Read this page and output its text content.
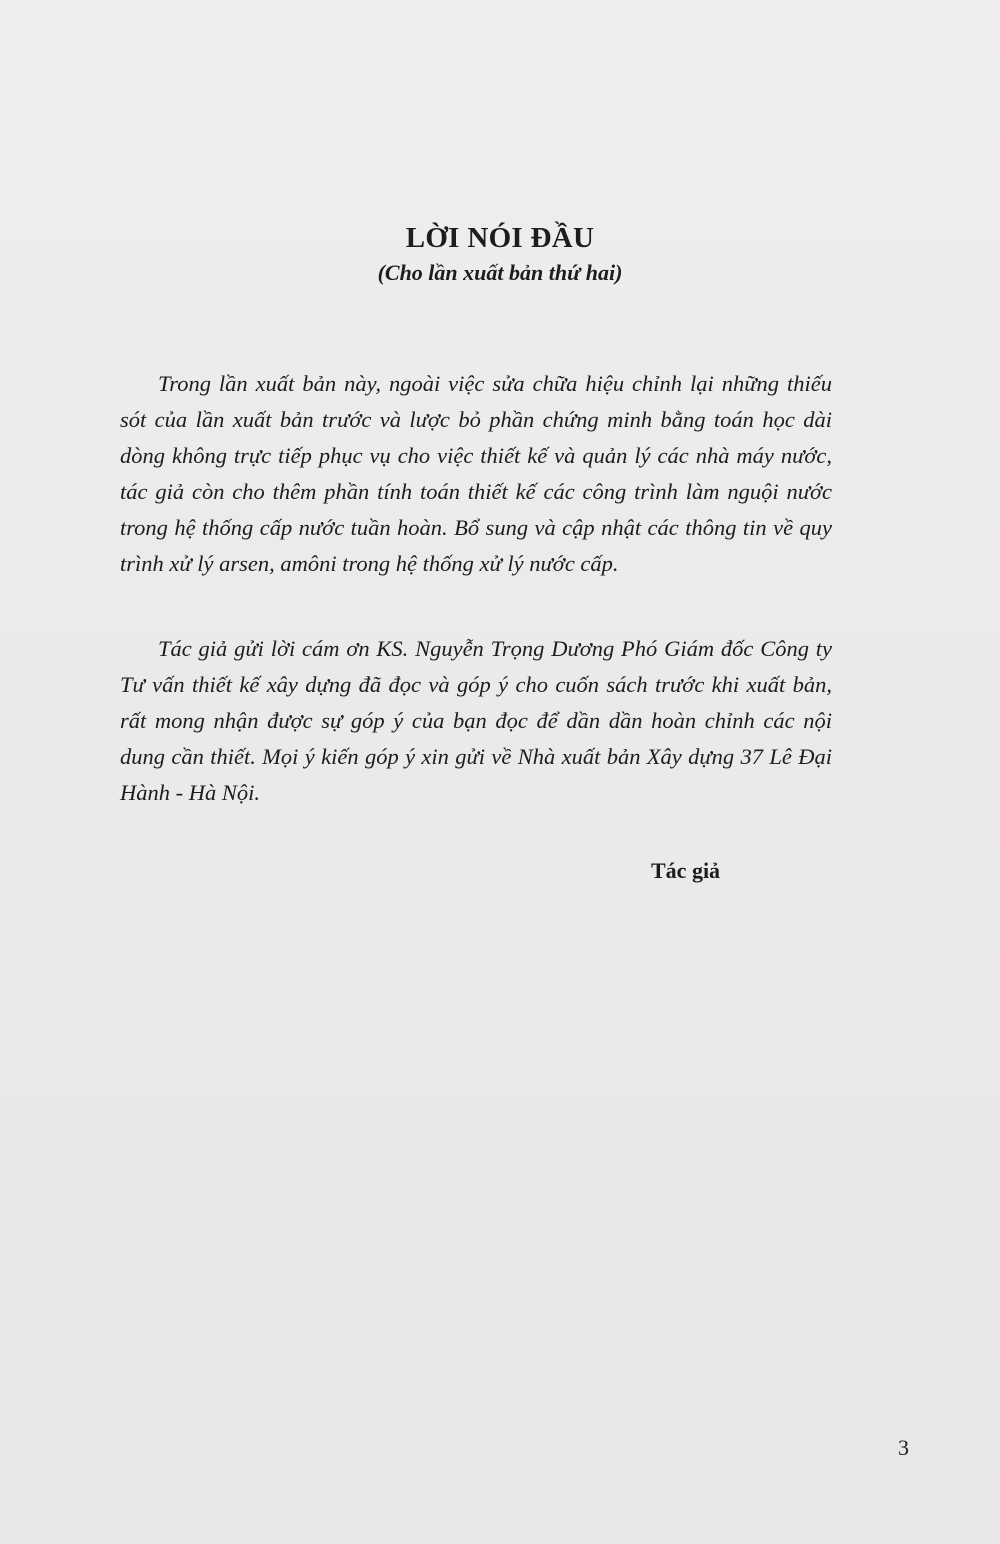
LỜI NÓI ĐẦU
(Cho lần xuất bản thứ hai)

Trong lần xuất bản này, ngoài việc sửa chữa hiệu chỉnh lại những thiếu sót của lần xuất bản trước và lược bỏ phần chứng minh bằng toán học dài dòng không trực tiếp phục vụ cho việc thiết kế và quản lý các nhà máy nước, tác giả còn cho thêm phần tính toán thiết kế các công trình làm nguội nước trong hệ thống cấp nước tuần hoàn. Bổ sung và cập nhật các thông tin về quy trình xử lý arsen, amôni trong hệ thống xử lý nước cấp.

Tác giả gửi lời cám ơn KS. Nguyễn Trọng Dương Phó Giám đốc Công ty Tư vấn thiết kế xây dựng đã đọc và góp ý cho cuốn sách trước khi xuất bản, rất mong nhận được sự góp ý của bạn đọc để dần dần hoàn chỉnh các nội dung cần thiết. Mọi ý kiến góp ý xin gửi về Nhà xuất bản Xây dựng 37 Lê Đại Hành - Hà Nội.

Tác giả
3
